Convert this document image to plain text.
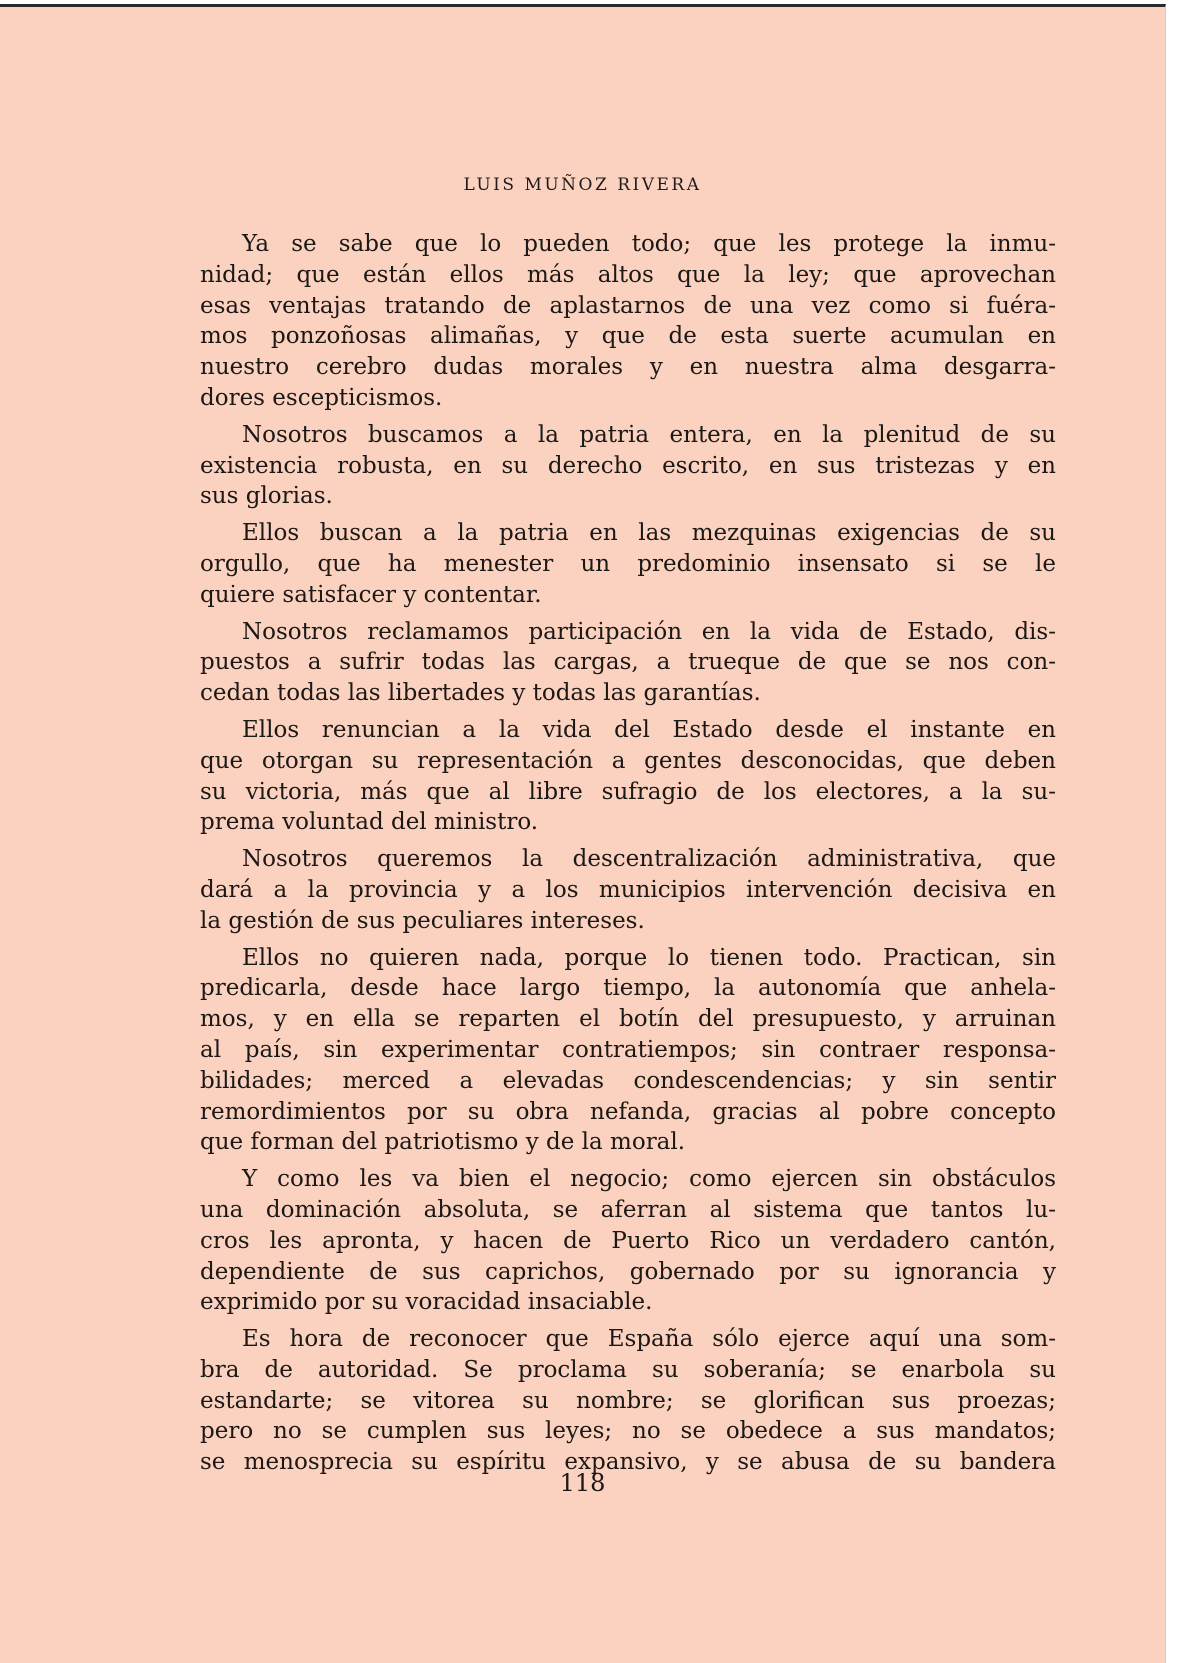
LUIS MUÑOZ RIVERA
Ya se sabe que lo pueden todo; que les protege la inmu-
nidad; que están ellos más altos que la ley; que aprovechan
esas ventajas tratando de aplastarnos de una vez como si fuéra-
mos ponzoñosas alimañas, y que de esta suerte acumulan en
nuestro cerebro dudas morales y en nuestra alma desgarra-
dores escepticismos.
Nosotros buscamos a la patria entera, en la plenitud de su
existencia robusta, en su derecho escrito, en sus tristezas y en
sus glorias.
Ellos buscan a la patria en las mezquinas exigencias de su
orgullo, que ha menester un predominio insensato si se le
quiere satisfacer y contentar.
Nosotros reclamamos participación en la vida de Estado, dis-
puestos a sufrir todas las cargas, a trueque de que se nos con-
cedan todas las libertades y todas las garantías.
Ellos renuncian a la vida del Estado desde el instante en
que otorgan su representación a gentes desconocidas, que deben
su victoria, más que al libre sufragio de los electores, a la su-
prema voluntad del ministro.
Nosotros queremos la descentralización administrativa, que
dará a la provincia y a los municipios intervención decisiva en
la gestión de sus peculiares intereses.
Ellos no quieren nada, porque lo tienen todo. Practican, sin
predicarla, desde hace largo tiempo, la autonomía que anhela-
mos, y en ella se reparten el botín del presupuesto, y arruinan
al país, sin experimentar contratiempos; sin contraer responsa-
bilidades; merced a elevadas condescendencias; y sin sentir
remordimientos por su obra nefanda, gracias al pobre concepto
que forman del patriotismo y de la moral.
Y como les va bien el negocio; como ejercen sin obstáculos
una dominación absoluta, se aferran al sistema que tantos lu-
cros les apronta, y hacen de Puerto Rico un verdadero cantón,
dependiente de sus caprichos, gobernado por su ignorancia y
exprimido por su voracidad insaciable.
Es hora de reconocer que España sólo ejerce aquí una som-
bra de autoridad. Se proclama su soberanía; se enarbola su
estandarte; se vitorea su nombre; se glorifican sus proezas;
pero no se cumplen sus leyes; no se obedece a sus mandatos;
se menosprecia su espíritu expansivo, y se abusa de su bandera
118
